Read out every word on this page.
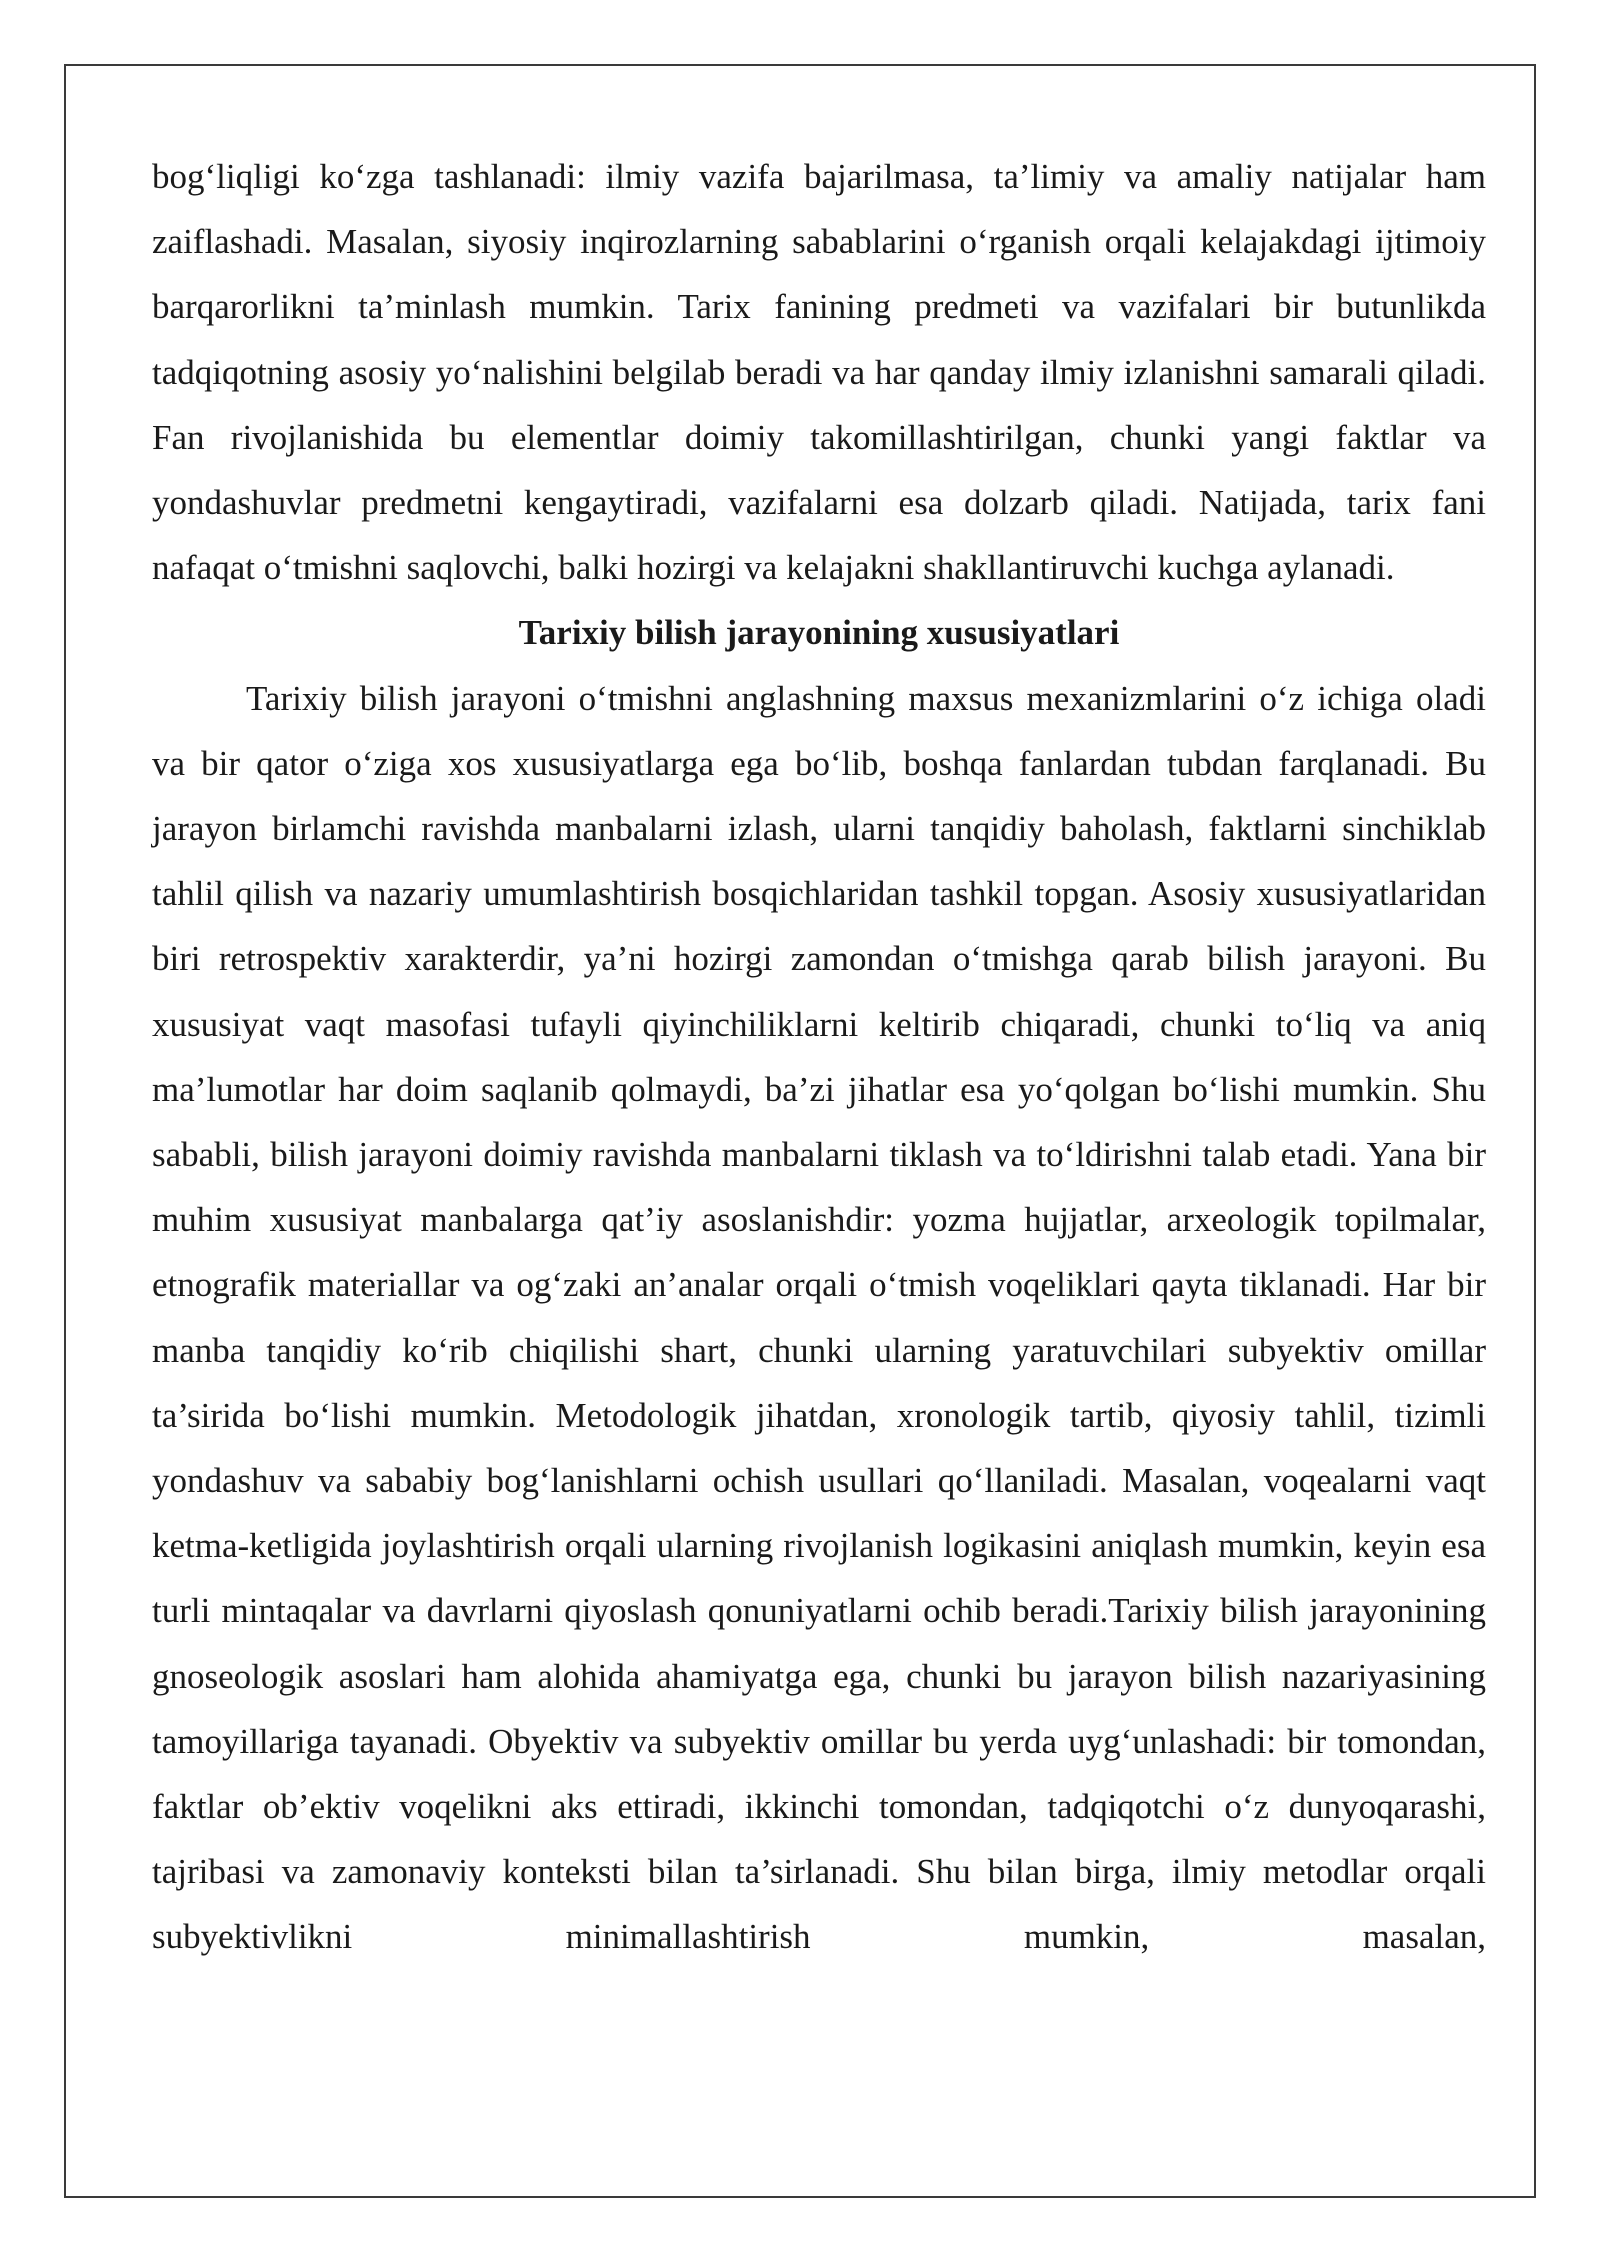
bog‘liqligi ko‘zga tashlanadi: ilmiy vazifa bajarilmasa, ta’limiy va amaliy natijalar ham zaiflashadi. Masalan, siyosiy inqirozlarning sabablarini o‘rganish orqali kelajakdagi ijtimoiy barqarorlikni ta’minlash mumkin. Tarix fanining predmeti va vazifalari bir butunlikda tadqiqotning asosiy yo‘nalishini belgilab beradi va har qanday ilmiy izlanishni samarali qiladi. Fan rivojlanishida bu elementlar doimiy takomillashtirilgan, chunki yangi faktlar va yondashuvlar predmetni kengaytiradi, vazifalarni esa dolzarb qiladi. Natijada, tarix fani nafaqat o‘tmishni saqlovchi, balki hozirgi va kelajakni shakllantiruvchi kuchga aylanadi.

Tarixiy bilish jarayonining xususiyatlari

Tarixiy bilish jarayoni o‘tmishni anglashning maxsus mexanizmlarini o‘z ichiga oladi va bir qator o‘ziga xos xususiyatlarga ega bo‘lib, boshqa fanlardan tubdan farqlanadi. Bu jarayon birlamchi ravishda manbalarni izlash, ularni tanqidiy baholash, faktlarni sinchiklab tahlil qilish va nazariy umumlashtirish bosqichlaridan tashkil topgan. Asosiy xususiyatlaridan biri retrospektiv xarakterdir, ya’ni hozirgi zamondan o‘tmishga qarab bilish jarayoni. Bu xususiyat vaqt masofasi tufayli qiyinchiliklarni keltirib chiqaradi, chunki to‘liq va aniq ma’lumotlar har doim saqlanib qolmaydi, ba’zi jihatlar esa yo‘qolgan bo‘lishi mumkin. Shu sababli, bilish jarayoni doimiy ravishda manbalarni tiklash va to‘ldirishni talab etadi. Yana bir muhim xususiyat manbalarga qat’iy asoslanishdir: yozma hujjatlar, arxeologik topilmalar, etnografik materiallar va og‘zaki an’analar orqali o‘tmish voqeliklari qayta tiklanadi. Har bir manba tanqidiy ko‘rib chiqilishi shart, chunki ularning yaratuvchilari subyektiv omillar ta’sirida bo‘lishi mumkin. Metodologik jihatdan, xronologik tartib, qiyosiy tahlil, tizimli yondashuv va sababiy bog‘lanishlarni ochish usullari qo‘llaniladi. Masalan, voqealarni vaqt ketma-ketligida joylashtirish orqali ularning rivojlanish logikasini aniqlash mumkin, keyin esa turli mintaqalar va davrlarni qiyoslash qonuniyatlarni ochib beradi.Tarixiy bilish jarayonining gnoseologik asoslari ham alohida ahamiyatga ega, chunki bu jarayon bilish nazariyasining tamoyillariga tayanadi. Obyektiv va subyektiv omillar bu yerda uyg‘unlashadi: bir tomondan, faktlar ob’ektiv voqelikni aks ettiradi, ikkinchi tomondan, tadqiqotchi o‘z dunyoqarashi, tajribasi va zamonaviy konteksti bilan ta’sirlanadi. Shu bilan birga, ilmiy metodlar orqali subyektivlikni minimallashtirish mumkin, masalan,
